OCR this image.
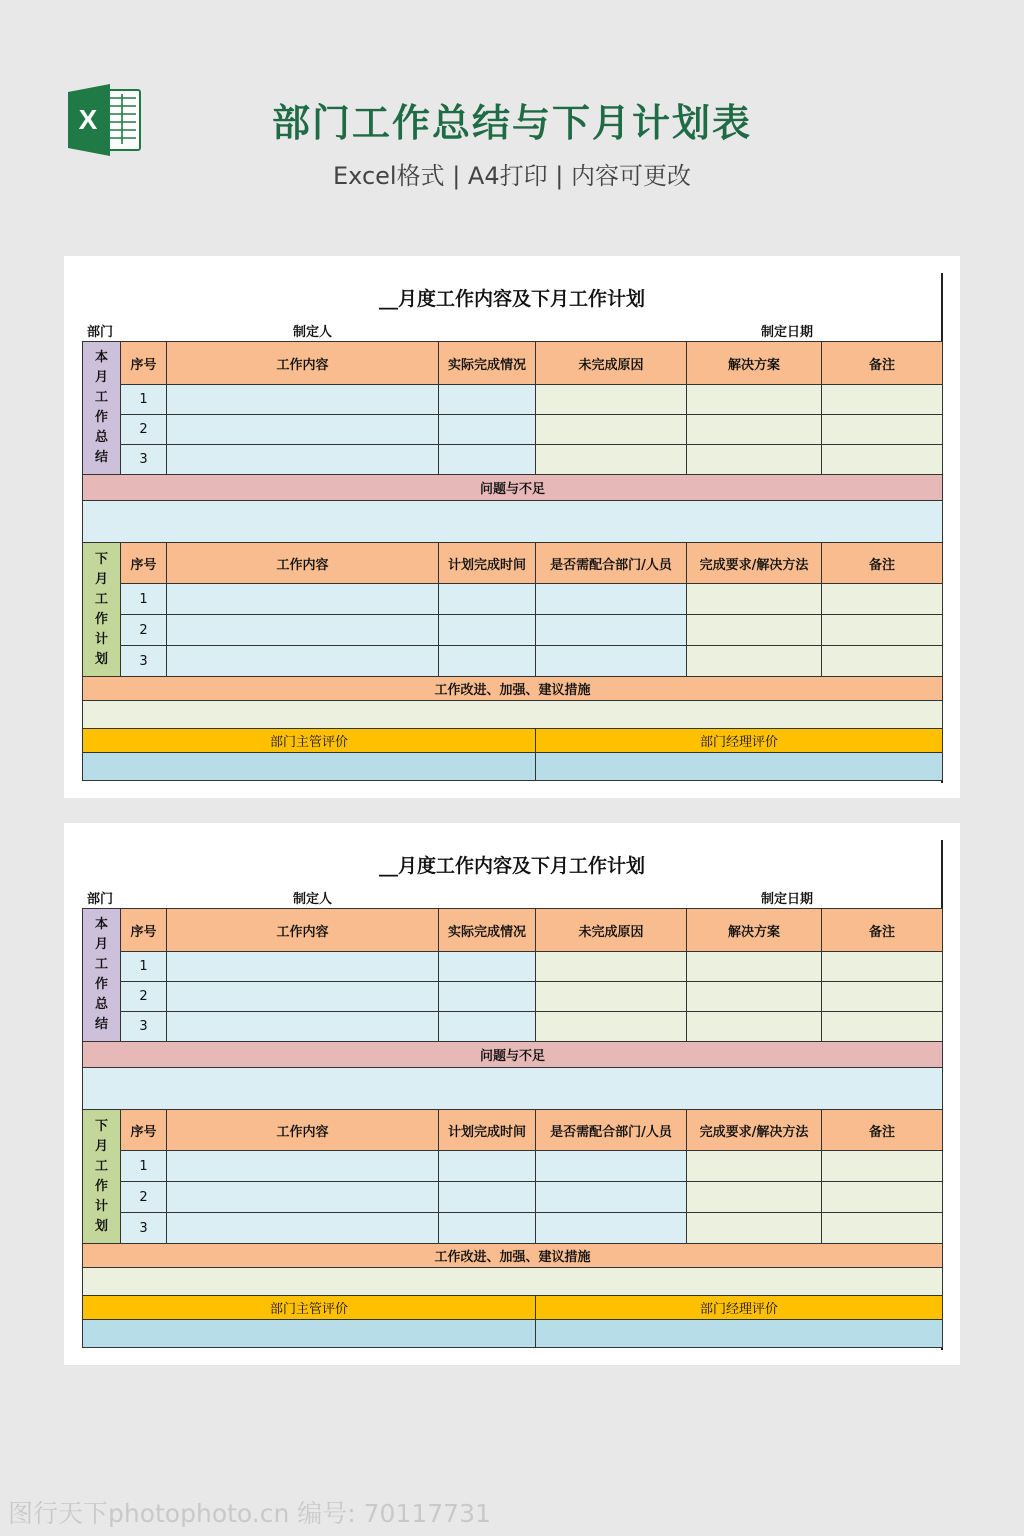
X	部门工作总结与下月计划表
Excel格式 | A4打印 | 内容可更改
__月度工作内容及下月工作计划
部门	制定人	制定日期
本月工作总结	序号	工作内容	实际完成情况	未完成原因	解决方案	备注
	1					
	2					
	3					
问题与不足						

下月工作计划	序号	工作内容	计划完成时间	是否需配合部门/人员	完成要求/解决方法	备注
	1					
	2					
	3					
工作改进、加强、建议措施						

部门主管评价				部门经理评价		

__月度工作内容及下月工作计划
部门	制定人	制定日期
本月工作总结	序号	工作内容	实际完成情况	未完成原因	解决方案	备注
	1					
	2					
	3					
问题与不足						

下月工作计划	序号	工作内容	计划完成时间	是否需配合部门/人员	完成要求/解决方法	备注
	1					
	2					
	3					
工作改进、加强、建议措施						

部门主管评价				部门经理评价		

图行天下photophoto.cn 编号: 70117731
